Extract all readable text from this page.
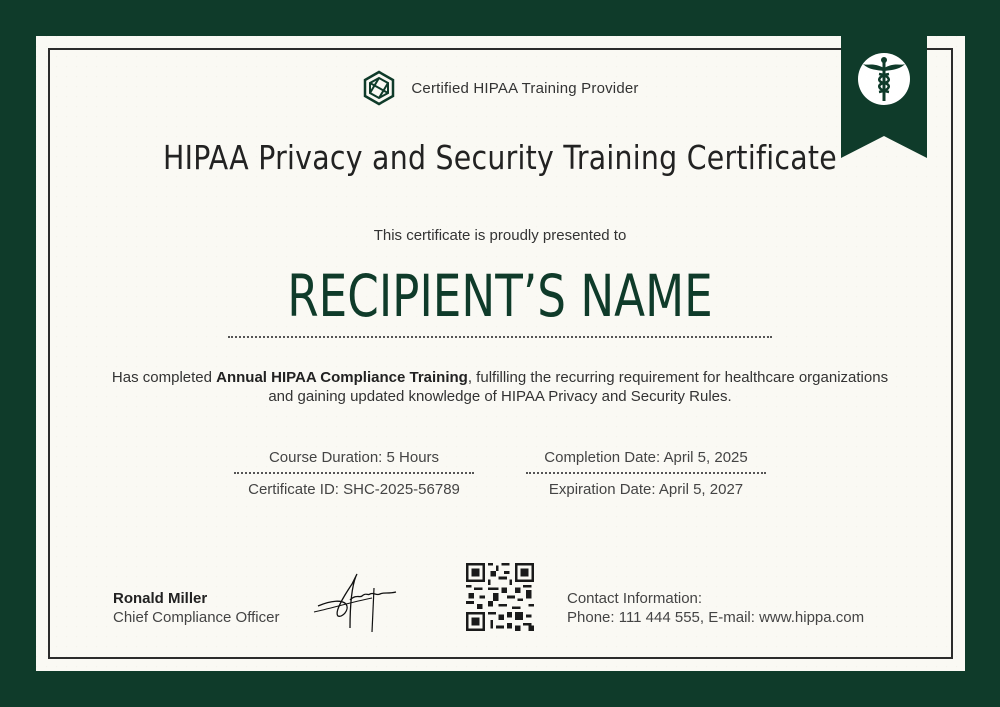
Certified HIPAA Training Provider
HIPAA Privacy and Security Training Certificate
This certificate is proudly presented to
RECIPIENT’S NAME
Has completed Annual HIPAA Compliance Training, fulfilling the recurring requirement for healthcare organizations and gaining updated knowledge of HIPAA Privacy and Security Rules.
Course Duration: 5 Hours
Certificate ID: SHC-2025-56789
Completion Date: April 5, 2025
Expiration Date: April 5, 2027
Ronald Miller
Chief Compliance Officer
Contact Information:
Phone: 111 444 555, E-mail: www.hippa.com
